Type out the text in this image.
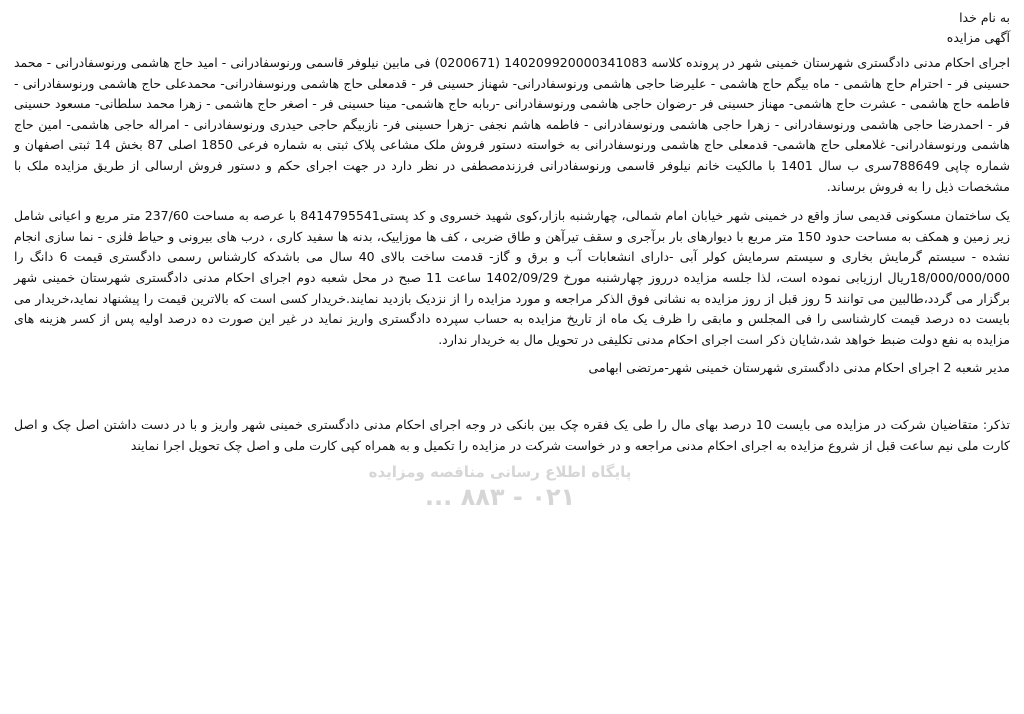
به نام خدا

آگهی مزایده

اجرای احکام مدنی دادگستری شهرستان خمینی شهر در پرونده کلاسه 140209920000341083 (0200671) فی مابین نیلوفر قاسمی ورنوسفادرانی - امید حاج هاشمی ورنوسفادرانی - محمد حسینی فر - احترام حاج هاشمی - ماه بیگم حاج هاشمی - علیرضا حاجی هاشمی ورنوسفادرانی- شهناز حسینی فر - قدمعلی حاج هاشمی ورنوسفادرانی- محمدعلی حاج هاشمی ورنوسفادرانی - فاطمه حاج هاشمی - عشرت حاج هاشمی- مهناز حسینی فر -رضوان حاجی هاشمی ورنوسفادرانی -ربابه حاج هاشمی- مینا حسینی فر - اصغر حاج هاشمی - زهرا محمد سلطانی- مسعود حسینی فر - احمدرضا حاجی هاشمی ورنوسفادرانی - زهرا حاجی هاشمی ورنوسفادرانی - فاطمه هاشم نجفی -زهرا حسینی فر- نازبیگم حاجی حیدری ورنوسفادرانی - امراله حاجی هاشمی- امین حاج هاشمی ورنوسفادرانی- غلامعلی حاج هاشمی- قدمعلی حاج هاشمی ورنوسفادرانی به خواسته دستور فروش ملک مشاعی پلاک ثبتی به شماره فرعی 1850 اصلی 87 بخش 14 ثبتی اصفهان و شماره چاپی 788649سری ب سال 1401 با مالکیت خانم نیلوفر قاسمی ورنوسفادرانی فرزندمصطفی در نظر دارد در جهت اجرای حکم و دستور فروش ارسالی از طریق مزایده ملک با مشخصات ذیل را به فروش برساند.

یک ساختمان مسکونی قدیمی ساز واقع در خمینی شهر خیابان امام شمالی، چهارشنبه بازار،کوی شهید خسروی و کد پستی8414795541 با عرصه به مساحت 237/60 متر مربع و اعیانی شامل زیر زمین و همکف به مساحت حدود 150 متر مربع با دیوارهای بار برآجری و سقف تیرآهن و طاق ضربی ، کف ها موزاییک، بدنه ها سفید کاری ، درب های بیرونی و حیاط فلزی - نما سازی انجام نشده - سیستم گرمایش بخاری و سیستم سرمایش کولر آبی -دارای انشعابات آب و برق و گاز- قدمت ساخت بالای 40 سال می باشدکه کارشناس رسمی دادگستری قیمت 6 دانگ را 18/000/000/000ریال ارزیابی نموده است، لذا جلسه مزایده درروز چهارشنبه مورخ 1402/09/29 ساعت 11 صبح در محل شعبه دوم اجرای احکام مدنی دادگستری شهرستان خمینی شهر برگزار می گردد،طالبین می توانند 5 روز قبل از روز مزایده به نشانی فوق الذکر مراجعه و مورد مزایده را از نزدیک بازدید نمایند.خریدار کسی است که بالاترین قیمت را پیشنهاد نماید،خریدار می بایست ده درصد قیمت کارشناسی را فی المجلس و مابقی را ظرف یک ماه از تاریخ مزایده به حساب سپرده دادگستری واریز نماید در غیر این صورت ده درصد اولیه پس از کسر هزینه های مزایده به نفع دولت ضبط خواهد شد،شایان ذکر است اجرای احکام مدنی تکلیفی در تحویل مال به خریدار ندارد.

مدیر شعبه 2 اجرای احکام مدنی دادگستری شهرستان خمینی شهر-مرتضی ابهامی

تذکر: متقاضیان شرکت در مزایده می بایست 10 درصد بهای مال را طی یک فقره چک بین بانکی در وجه اجرای احکام مدنی دادگستری خمینی شهر واریز و با در دست داشتن اصل چک و اصل کارت ملی نیم ساعت قبل از شروع مزایده به اجرای احکام مدنی مراجعه و در خواست شرکت در مزایده را تکمیل و به همراه کپی کارت ملی و اصل چک تحویل اجرا نمایند

پایگاه اطلاع رسانی مناقصه ومزایده
۰۲۱ - ۸۸۳ ...
